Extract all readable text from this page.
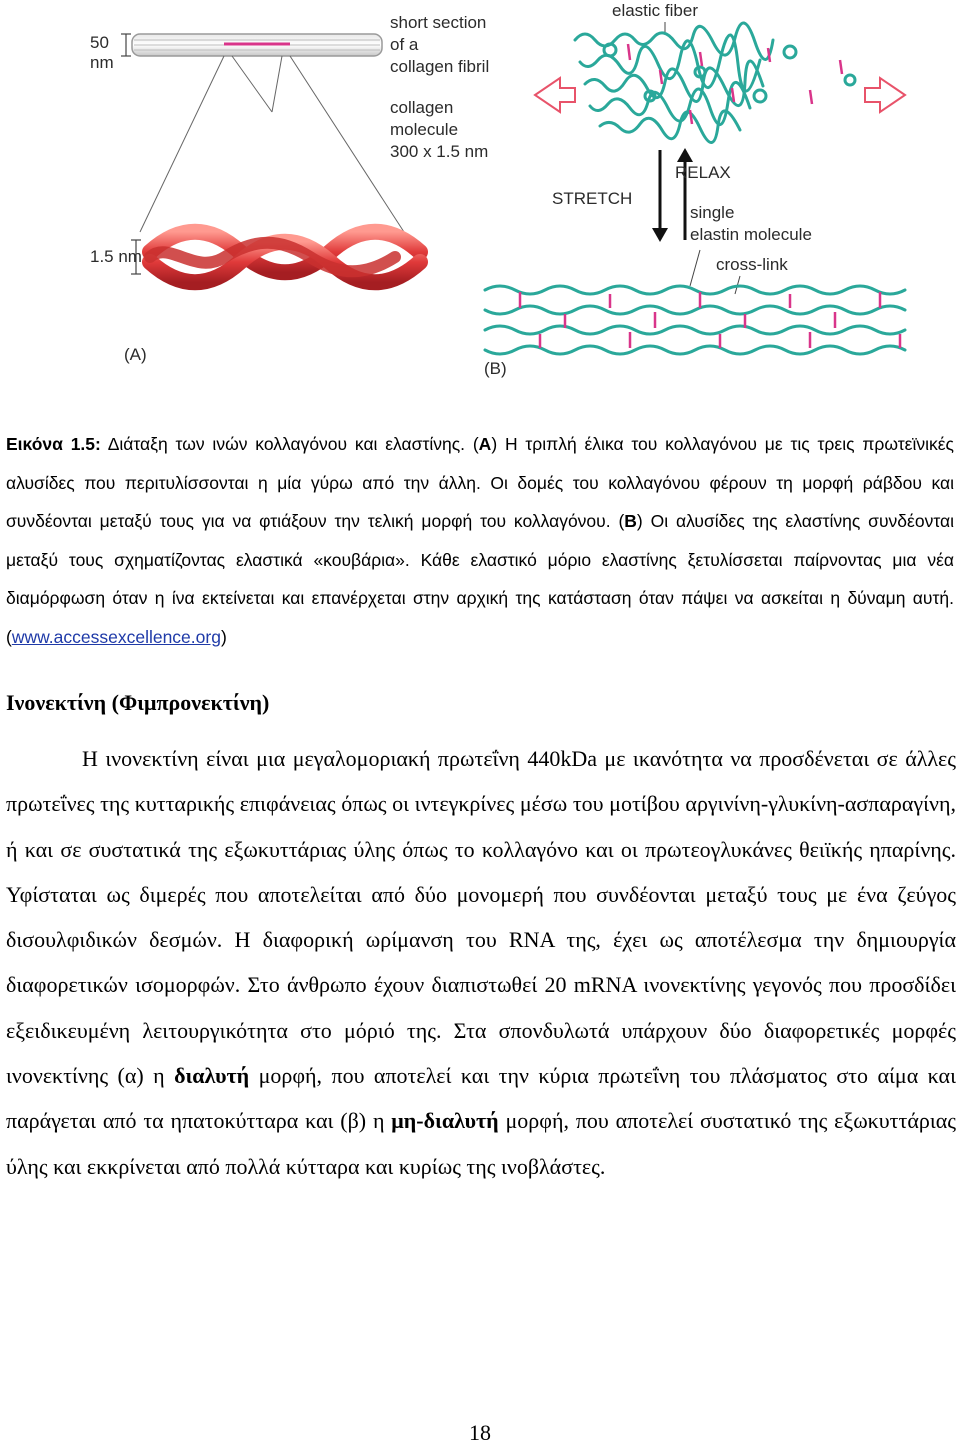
50
nm
short section
of a
collagen fibril
collagen
molecule
300 x 1.5 nm
1.5 nm
(A)
elastic fiber
STRETCH
RELAX
single
elastin molecule
cross-link
(B)
Εικόνα 1.5: Διάταξη των ινών κολλαγόνου και ελαστίνης. (Α) Η τριπλή έλικα του κολλαγόνου με τις τρεις πρωτεϊνικές αλυσίδες που περιτυλίσσονται η μία γύρω από την άλλη. Οι δομές του κολλαγόνου φέρουν τη μορφή ράβδου και συνδέονται μεταξύ τους για να φτιάξουν την τελική μορφή του κολλαγόνου. (Β) Οι αλυσίδες της ελαστίνης συνδέονται μεταξύ τους σχηματίζοντας ελαστικά «κουβάρια». Κάθε ελαστικό μόριο ελαστίνης ξετυλίσσεται παίρνοντας μια νέα διαμόρφωση όταν η ίνα εκτείνεται και επανέρχεται στην αρχική της κατάσταση όταν πάψει να ασκείται η δύναμη αυτή. (www.accessexcellence.org)
Ινονεκτίνη (Φιμπρονεκτίνη)
Η ινονεκτίνη είναι μια μεγαλομοριακή πρωτεΐνη 440kDa με ικανότητα να προσδένεται σε άλλες πρωτεΐνες της κυτταρικής επιφάνειας όπως οι ιντεγκρίνες μέσω του μοτίβου αργινίνη-γλυκίνη-ασπαραγίνη, ή και σε συστατικά της εξωκυττάριας ύλης όπως το κολλαγόνο και οι πρωτεογλυκάνες θειϊκής ηπαρίνης. Υφίσταται ως διμερές που αποτελείται από δύο μονομερή που συνδέονται μεταξύ τους με ένα ζεύγος δισουλφιδικών δεσμών. Η διαφορική ωρίμανση του RNA της, έχει ως αποτέλεσμα την δημιουργία διαφορετικών ισομορφών. Στο άνθρωπο έχουν διαπιστωθεί 20 mRNA ινονεκτίνης γεγονός που προσδίδει εξειδικευμένη λειτουργικότητα στο μόριό της. Στα σπονδυλωτά υπάρχουν δύο διαφορετικές μορφές ινονεκτίνης (α) η διαλυτή μορφή, που αποτελεί και την κύρια πρωτεΐνη του πλάσματος στο αίμα και παράγεται από τα ηπατοκύτταρα και (β) η μη-διαλυτή μορφή, που αποτελεί συστατικό της εξωκυττάριας ύλης και εκκρίνεται από πολλά κύτταρα και κυρίως της ινοβλάστες.
18
